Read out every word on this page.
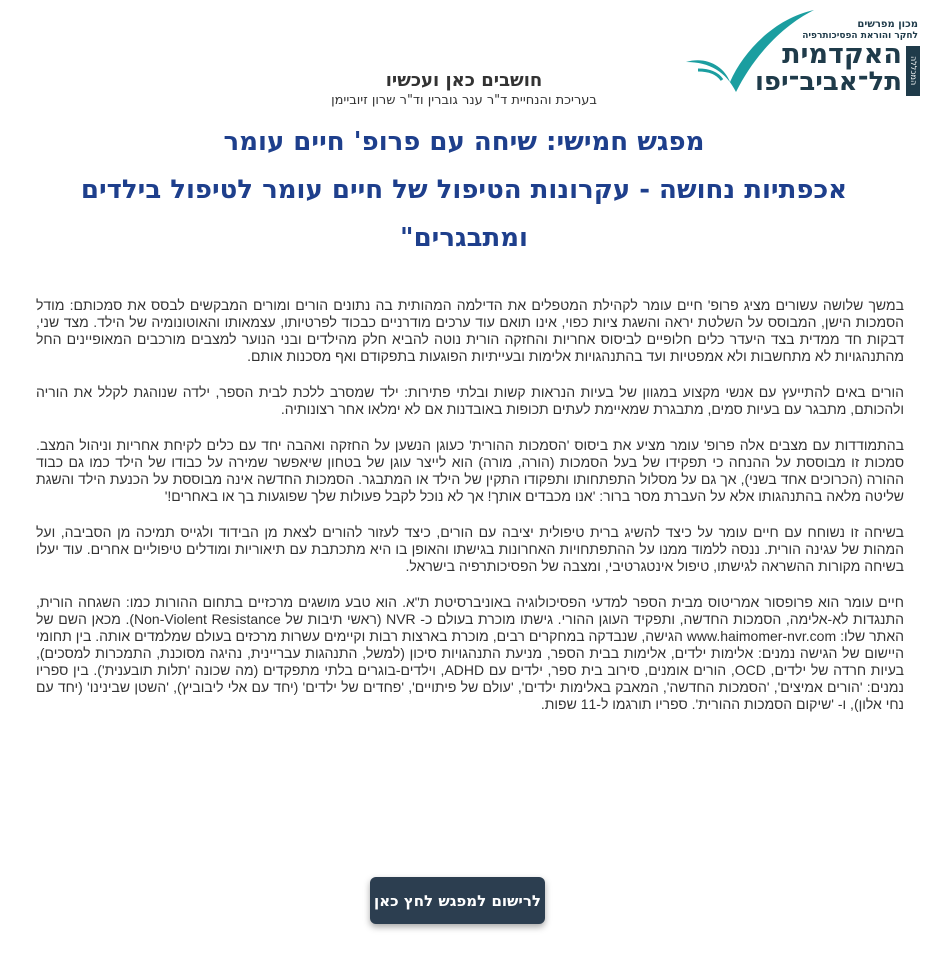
מכון מפרשים
לחקר והוראת הפסיכותרפיה
האקדמית
תל־אביב־יפו המכללה
חושבים כאן ועכשיו
בעריכת והנחיית ד"ר ענר גוברין וד"ר שרון זיוביימן
מפגש חמישי: שיחה עם פרופ' חיים עומר
אכפתיות נחושה - עקרונות הטיפול של חיים עומר לטיפול בילדים ומתבגרים"

במשך שלושה עשורים מציג פרופ' חיים עומר לקהילת המטפלים את הדילמה המהותית בה נתונים הורים ומורים המבקשים לבסס את סמכותם: מודל הסמכות הישן, המבוסס על השלטת יראה והשגת ציות כפוי, אינו תואם עוד ערכים מודרניים כבכוד לפרטיותו, עצמאותו והאוטונומיה של הילד. מצד שני, דבקות חד ממדית בצד היעדר כלים חלופיים לביסוס אחריות והחזקה הורית נוטה להביא חלק מהילדים ובני הנוער למצבים מורכבים המאופיינים החל מהתנהגויות לא מתחשבות ולא אמפטיות ועד בהתנהגויות אלימות ובעייתיות הפוגעות בתפקודם ואף מסכנות אותם.

הורים באים להתייעץ עם אנשי מקצוע במגוון של בעיות הנראות קשות ובלתי פתירות: ילד שמסרב ללכת לבית הספר, ילדה שנוהגת לקלל את הוריה ולהכותם, מתבגר עם בעיות סמים, מתבגרת שמאיימת לעתים תכופות באובדנות אם לא ימלאו אחר רצונותיה.

בהתמודדות עם מצבים אלה פרופ' עומר מציע את ביסוס 'הסמכות ההורית' כעוגן הנשען על החזקה ואהבה יחד עם כלים לקיחת אחריות וניהול המצב. סמכות זו מבוססת על ההנחה כי תפקידו של בעל הסמכות (הורה, מורה) הוא לייצר עוגן של בטחון שיאפשר שמירה על כבודו של הילד כמו גם כבוד ההורה (הכרוכים אחד בשני), אך גם על מסלול התפתחותו ותפקודו התקין של הילד או המתבגר. הסמכות החדשה אינה מבוססת על הכנעת הילד והשגת שליטה מלאה בהתנהגותו אלא על העברת מסר ברור: 'אנו מכבדים אותך! אך לא נוכל לקבל פעולות שלך שפוגעות בך או באחרים!'

בשיחה זו נשוחח עם חיים עומר על כיצד להשיג ברית טיפולית יציבה עם הורים, כיצד לעזור להורים לצאת מן הבידוד ולגייס תמיכה מן הסביבה, ועל המהות של עגינה הורית. ננסה ללמוד ממנו על ההתפתחויות האחרונות בגישתו והאופן בו היא מתכתבת עם תיאוריות ומודלים טיפוליים אחרים. עוד יעלו בשיחה מקורות ההשראה לגישתו, טיפול אינטגרטיבי, ומצבה של הפסיכותרפיה בישראל.

חיים עומר הוא פרופסור אמריטוס מבית הספר למדעי הפסיכולוגיה באוניברסיטת ת"א. הוא טבע מושגים מרכזיים בתחום ההורות כמו: השגחה הורית, התנגדות לא-אלימה, הסמכות החדשה, ותפקיד העוגן ההורי. גישתו מוכרת בעולם כ- NVR (ראשי תיבות של Non-Violent Resistance). מכאן השם של האתר שלו: www.haimomer-nvr.com הגישה, שנבדקה במחקרים רבים, מוכרת בארצות רבות וקיימים עשרות מרכזים בעולם שמלמדים אותה. בין תחומי היישום של הגישה נמנים: אלימות ילדים, אלימות בבית הספר, מניעת התנהגויות סיכון (למשל, התנהגות עבריינית, נהיגה מסוכנת, התמכרות למסכים), בעיות חרדה של ילדים, OCD, הורים אומנים, סירוב בית ספר, ילדים עם ADHD, וילדים-בוגרים בלתי מתפקדים (מה שכונה 'תלות תובענית'). בין ספריו נמנים: 'הורים אמיצים', 'הסמכות החדשה', המאבק באלימות ילדים', 'עולם של פיתויים', 'פחדים של ילדים' (יחד עם אלי ליבוביץ), 'השטן שבינינו' (יחד עם נחי אלון), ו- 'שיקום הסמכות ההורית'. ספריו תורגמו ל-11 שפות.

לרישום למפגש לחץ כאן
